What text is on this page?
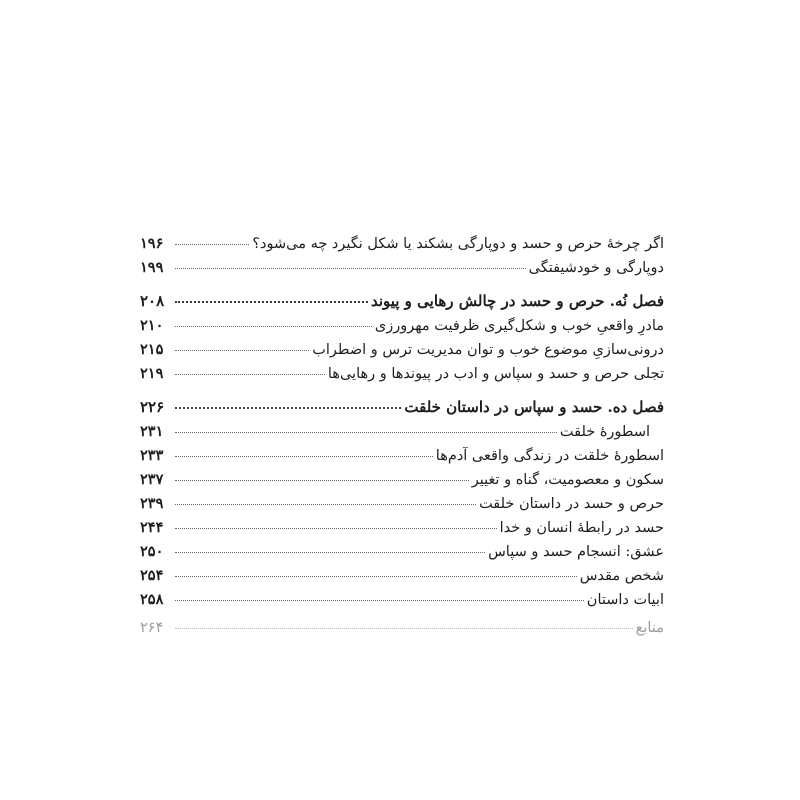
اگر چرخهٔ حرص و حسد و دوپارگی بشکند یا شکل نگیرد چه می‌شود؟
۱۹۶
دوپارگی و خودشیفتگی
۱۹۹
فصل نُه. حرص و حسد در چالش رهایی و پیوند
۲۰۸
مادرِ واقعیِ خوب و شکل‌گیری ظرفیت مهرورزی
۲۱۰
درونی‌سازیِ موضوع خوب و توان مدیریت ترس و اضطراب
۲۱۵
تجلی حرص و حسد و سپاس و ادب در پیوندها و رهایی‌ها
۲۱۹
فصل ده. حسد و سپاس در داستان خلقت
۲۲۶
اسطورهٔ خلقت
۲۳۱
اسطورهٔ خلقت در زندگی واقعی آدم‌ها
۲۳۳
سکون و معصومیت، گناه و تغییر
۲۳۷
حرص و حسد در داستان خلقت
۲۳۹
حسد در رابطهٔ انسان و خدا
۲۴۴
عشق: انسجام حسد و سپاس
۲۵۰
شخص مقدس
۲۵۴
ابیات داستان
۲۵۸
منابع
۲۶۴
